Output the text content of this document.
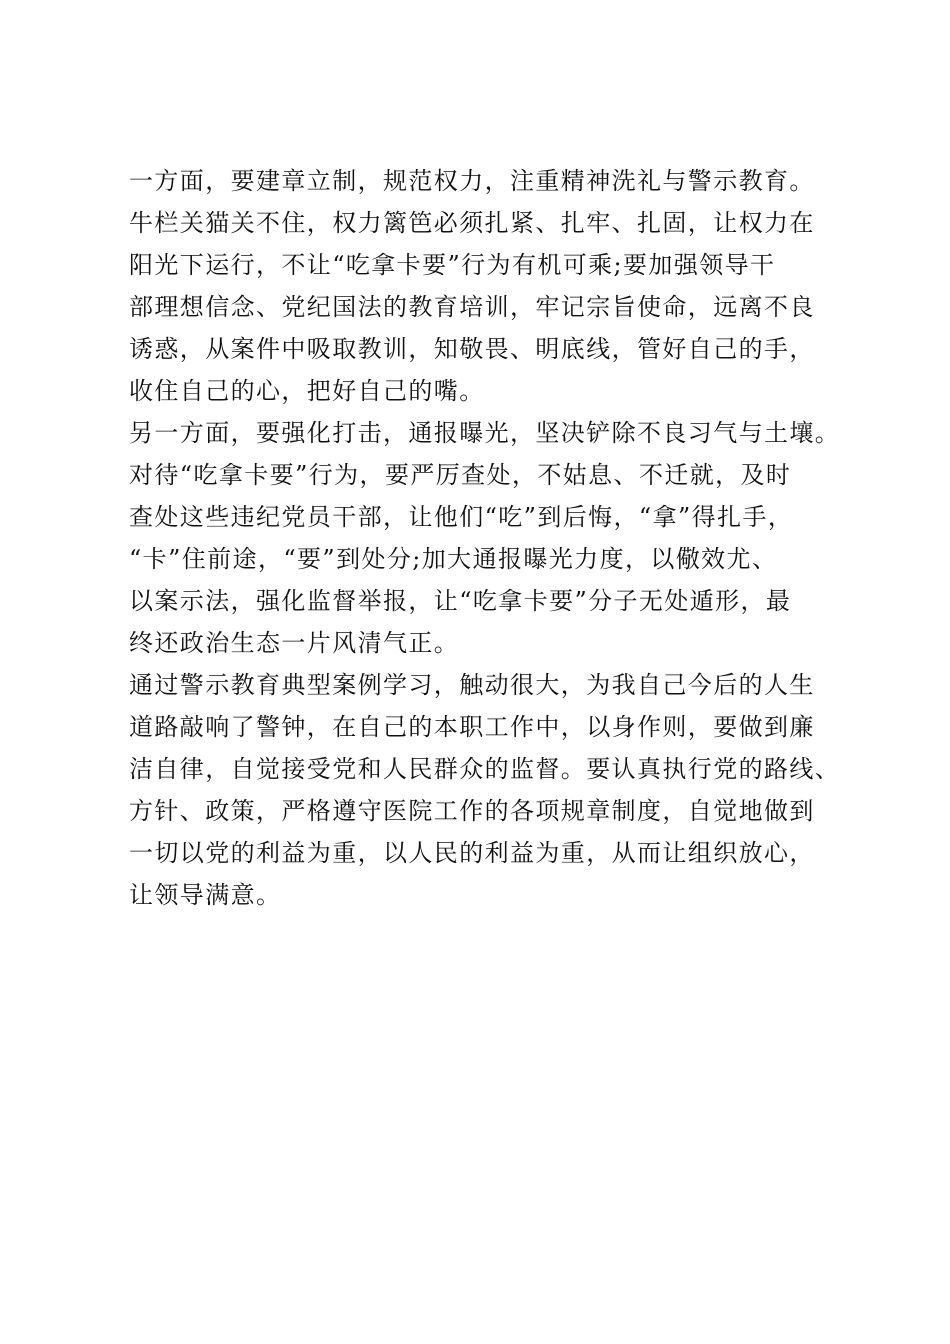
一方面，要建章立制，规范权力，注重精神洗礼与警示教育。
牛栏关猫关不住，权力篱笆必须扎紧、扎牢、扎固，让权力在
阳光下运行，不让“吃拿卡要”行为有机可乘;要加强领导干
部理想信念、党纪国法的教育培训，牢记宗旨使命，远离不良
诱惑，从案件中吸取教训，知敬畏、明底线，管好自己的手，
收住自己的心，把好自己的嘴。
另一方面，要强化打击，通报曝光，坚决铲除不良习气与土壤。
对待“吃拿卡要”行为，要严厉查处，不姑息、不迁就，及时
查处这些违纪党员干部，让他们“吃”到后悔，“拿”得扎手，
“卡”住前途，“要”到处分;加大通报曝光力度，以儆效尤、
以案示法，强化监督举报，让“吃拿卡要”分子无处遁形，最
终还政治生态一片风清气正。
通过警示教育典型案例学习，触动很大，为我自己今后的人生
道路敲响了警钟，在自己的本职工作中，以身作则，要做到廉
洁自律，自觉接受党和人民群众的监督。要认真执行党的路线、
方针、政策，严格遵守医院工作的各项规章制度，自觉地做到
一切以党的利益为重，以人民的利益为重，从而让组织放心，
让领导满意。
